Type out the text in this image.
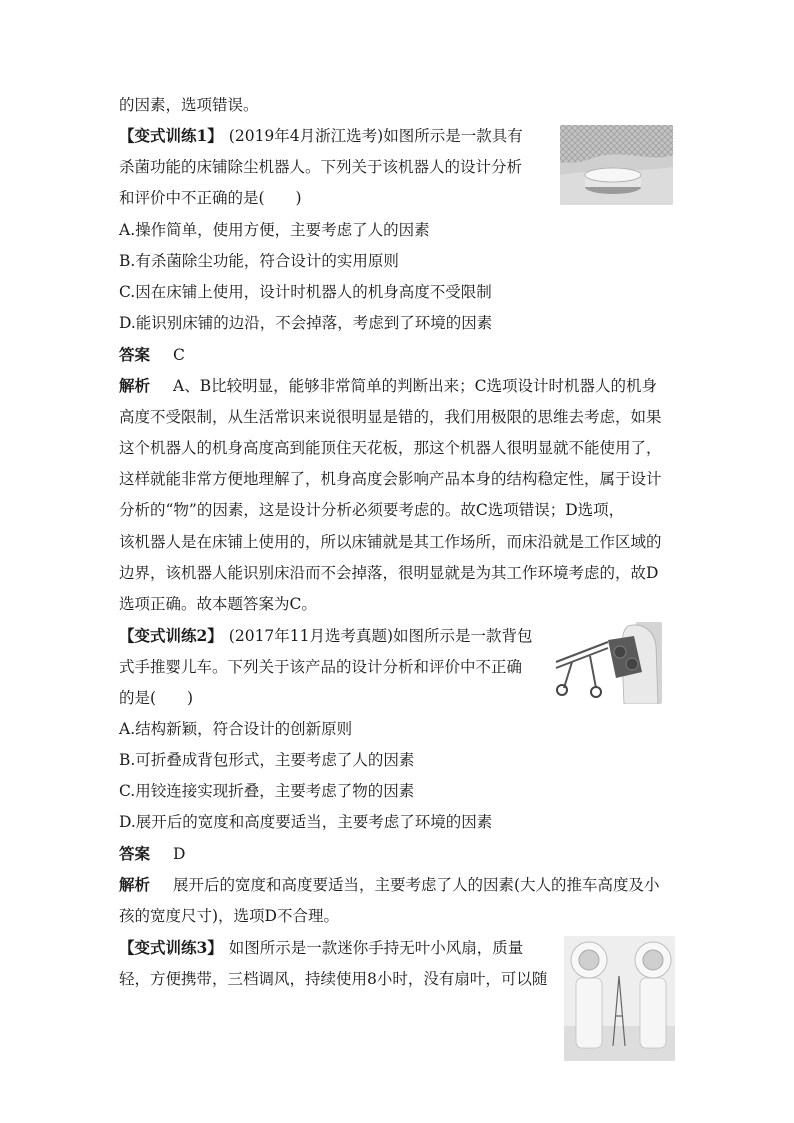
的因素，选项错误。

【变式训练1】 (2019年4月浙江选考)如图所示是一款具有

杀菌功能的床铺除尘机器人。下列关于该机器人的设计分析

和评价中不正确的是(　　)

A.操作简单，使用方便，主要考虑了人的因素

B.有杀菌除尘功能，符合设计的实用原则

C.因在床铺上使用，设计时机器人的机身高度不受限制

D.能识别床铺的边沿，不会掉落，考虑到了环境的因素

答案 C

解析 A、B比较明显，能够非常简单的判断出来；C选项设计时机器人的机身

高度不受限制，从生活常识来说很明显是错的，我们用极限的思维去考虑，如果

这个机器人的机身高度高到能顶住天花板，那这个机器人很明显就不能使用了，

这样就能非常方便地理解了，机身高度会影响产品本身的结构稳定性，属于设计

分析的“物”的因素，这是设计分析必须要考虑的。故C选项错误；D选项，

该机器人是在床铺上使用的，所以床铺就是其工作场所，而床沿就是工作区域的

边界，该机器人能识别床沿而不会掉落，很明显就是为其工作环境考虑的，故D

选项正确。故本题答案为C。

【变式训练2】 (2017年11月选考真题)如图所示是一款背包

式手推婴儿车。下列关于该产品的设计分析和评价中不正确

的是(　　)

A.结构新颖，符合设计的创新原则

B.可折叠成背包形式，主要考虑了人的因素

C.用铰连接实现折叠，主要考虑了物的因素

D.展开后的宽度和高度要适当，主要考虑了环境的因素

答案 D

解析 展开后的宽度和高度要适当，主要考虑了人的因素(大人的推车高度及小

孩的宽度尺寸)，选项D不合理。

【变式训练3】 如图所示是一款迷你手持无叶小风扇，质量

轻，方便携带，三档调风，持续使用8小时，没有扇叶，可以随
